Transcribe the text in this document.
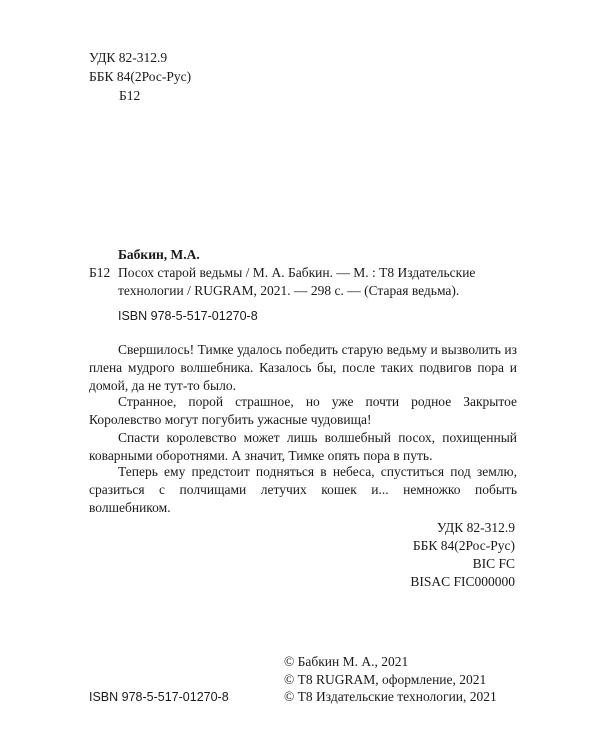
УДК 82-312.9
ББК 84(2Рос-Рус)
Б12
Бабкин, М.А.
Б12 Посох старой ведьмы / М. А. Бабкин. — М. : Т8 Издательские
технологии / RUGRAM, 2021. — 298 с. — (Старая ведьма).
ISBN 978-5-517-01270-8
Свершилось! Тимке удалось победить старую ведьму и вызволить из плена мудрого волшебника. Казалось бы, после таких подвигов пора и домой, да не тут-то было.
Странное, порой страшное, но уже почти родное Закрытое Королевство могут погубить ужасные чудовища!
Спасти королевство может лишь волшебный посох, похищенный коварными оборотнями. А значит, Тимке опять пора в путь.
Теперь ему предстоит подняться в небеса, спуститься под землю, сразиться с полчищами летучих кошек и... немножко побыть волшебником.
УДК 82-312.9
ББК 84(2Рос-Рус)
BIC FC
BISAC FIC000000
ISBN 978-5-517-01270-8
© Бабкин М. А., 2021
© Т8 RUGRAM, оформление, 2021
© Т8 Издательские технологии, 2021
